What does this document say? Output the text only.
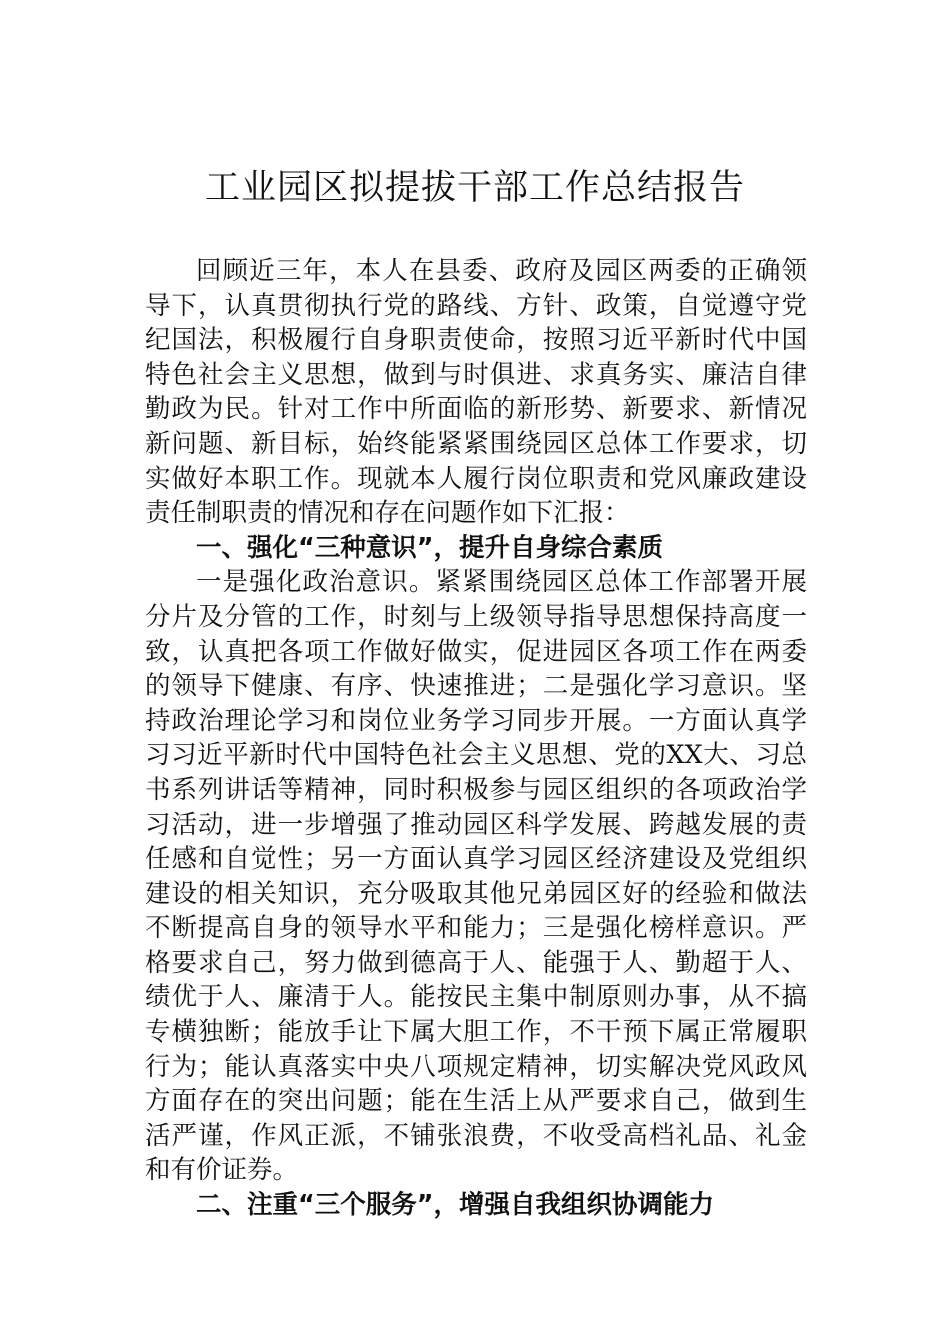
工业园区拟提拔干部工作总结报告

回顾近三年，本人在县委、政府及园区两委的正确领导下，认真贯彻执行党的路线、方针、政策，自觉遵守党纪国法，积极履行自身职责使命，按照习近平新时代中国特色社会主义思想，做到与时俱进、求真务实、廉洁自律勤政为民。针对工作中所面临的新形势、新要求、新情况新问题、新目标，始终能紧紧围绕园区总体工作要求，切实做好本职工作。现就本人履行岗位职责和党风廉政建设责任制职责的情况和存在问题作如下汇报：

一、强化“三种意识”，提升自身综合素质

一是强化政治意识。紧紧围绕园区总体工作部署开展分片及分管的工作，时刻与上级领导指导思想保持高度一致，认真把各项工作做好做实，促进园区各项工作在两委的领导下健康、有序、快速推进；二是强化学习意识。坚持政治理论学习和岗位业务学习同步开展。一方面认真学习习近平新时代中国特色社会主义思想、党的XX大、习总书系列讲话等精神，同时积极参与园区组织的各项政治学习活动，进一步增强了推动园区科学发展、跨越发展的责任感和自觉性；另一方面认真学习园区经济建设及党组织建设的相关知识，充分吸取其他兄弟园区好的经验和做法不断提高自身的领导水平和能力；三是强化榜样意识。严格要求自己，努力做到德高于人、能强于人、勤超于人、绩优于人、廉清于人。能按民主集中制原则办事，从不搞专横独断；能放手让下属大胆工作，不干预下属正常履职行为；能认真落实中央八项规定精神，切实解决党风政风方面存在的突出问题；能在生活上从严要求自己，做到生活严谨，作风正派，不铺张浪费，不收受高档礼品、礼金和有价证券。

二、注重“三个服务”，增强自我组织协调能力
